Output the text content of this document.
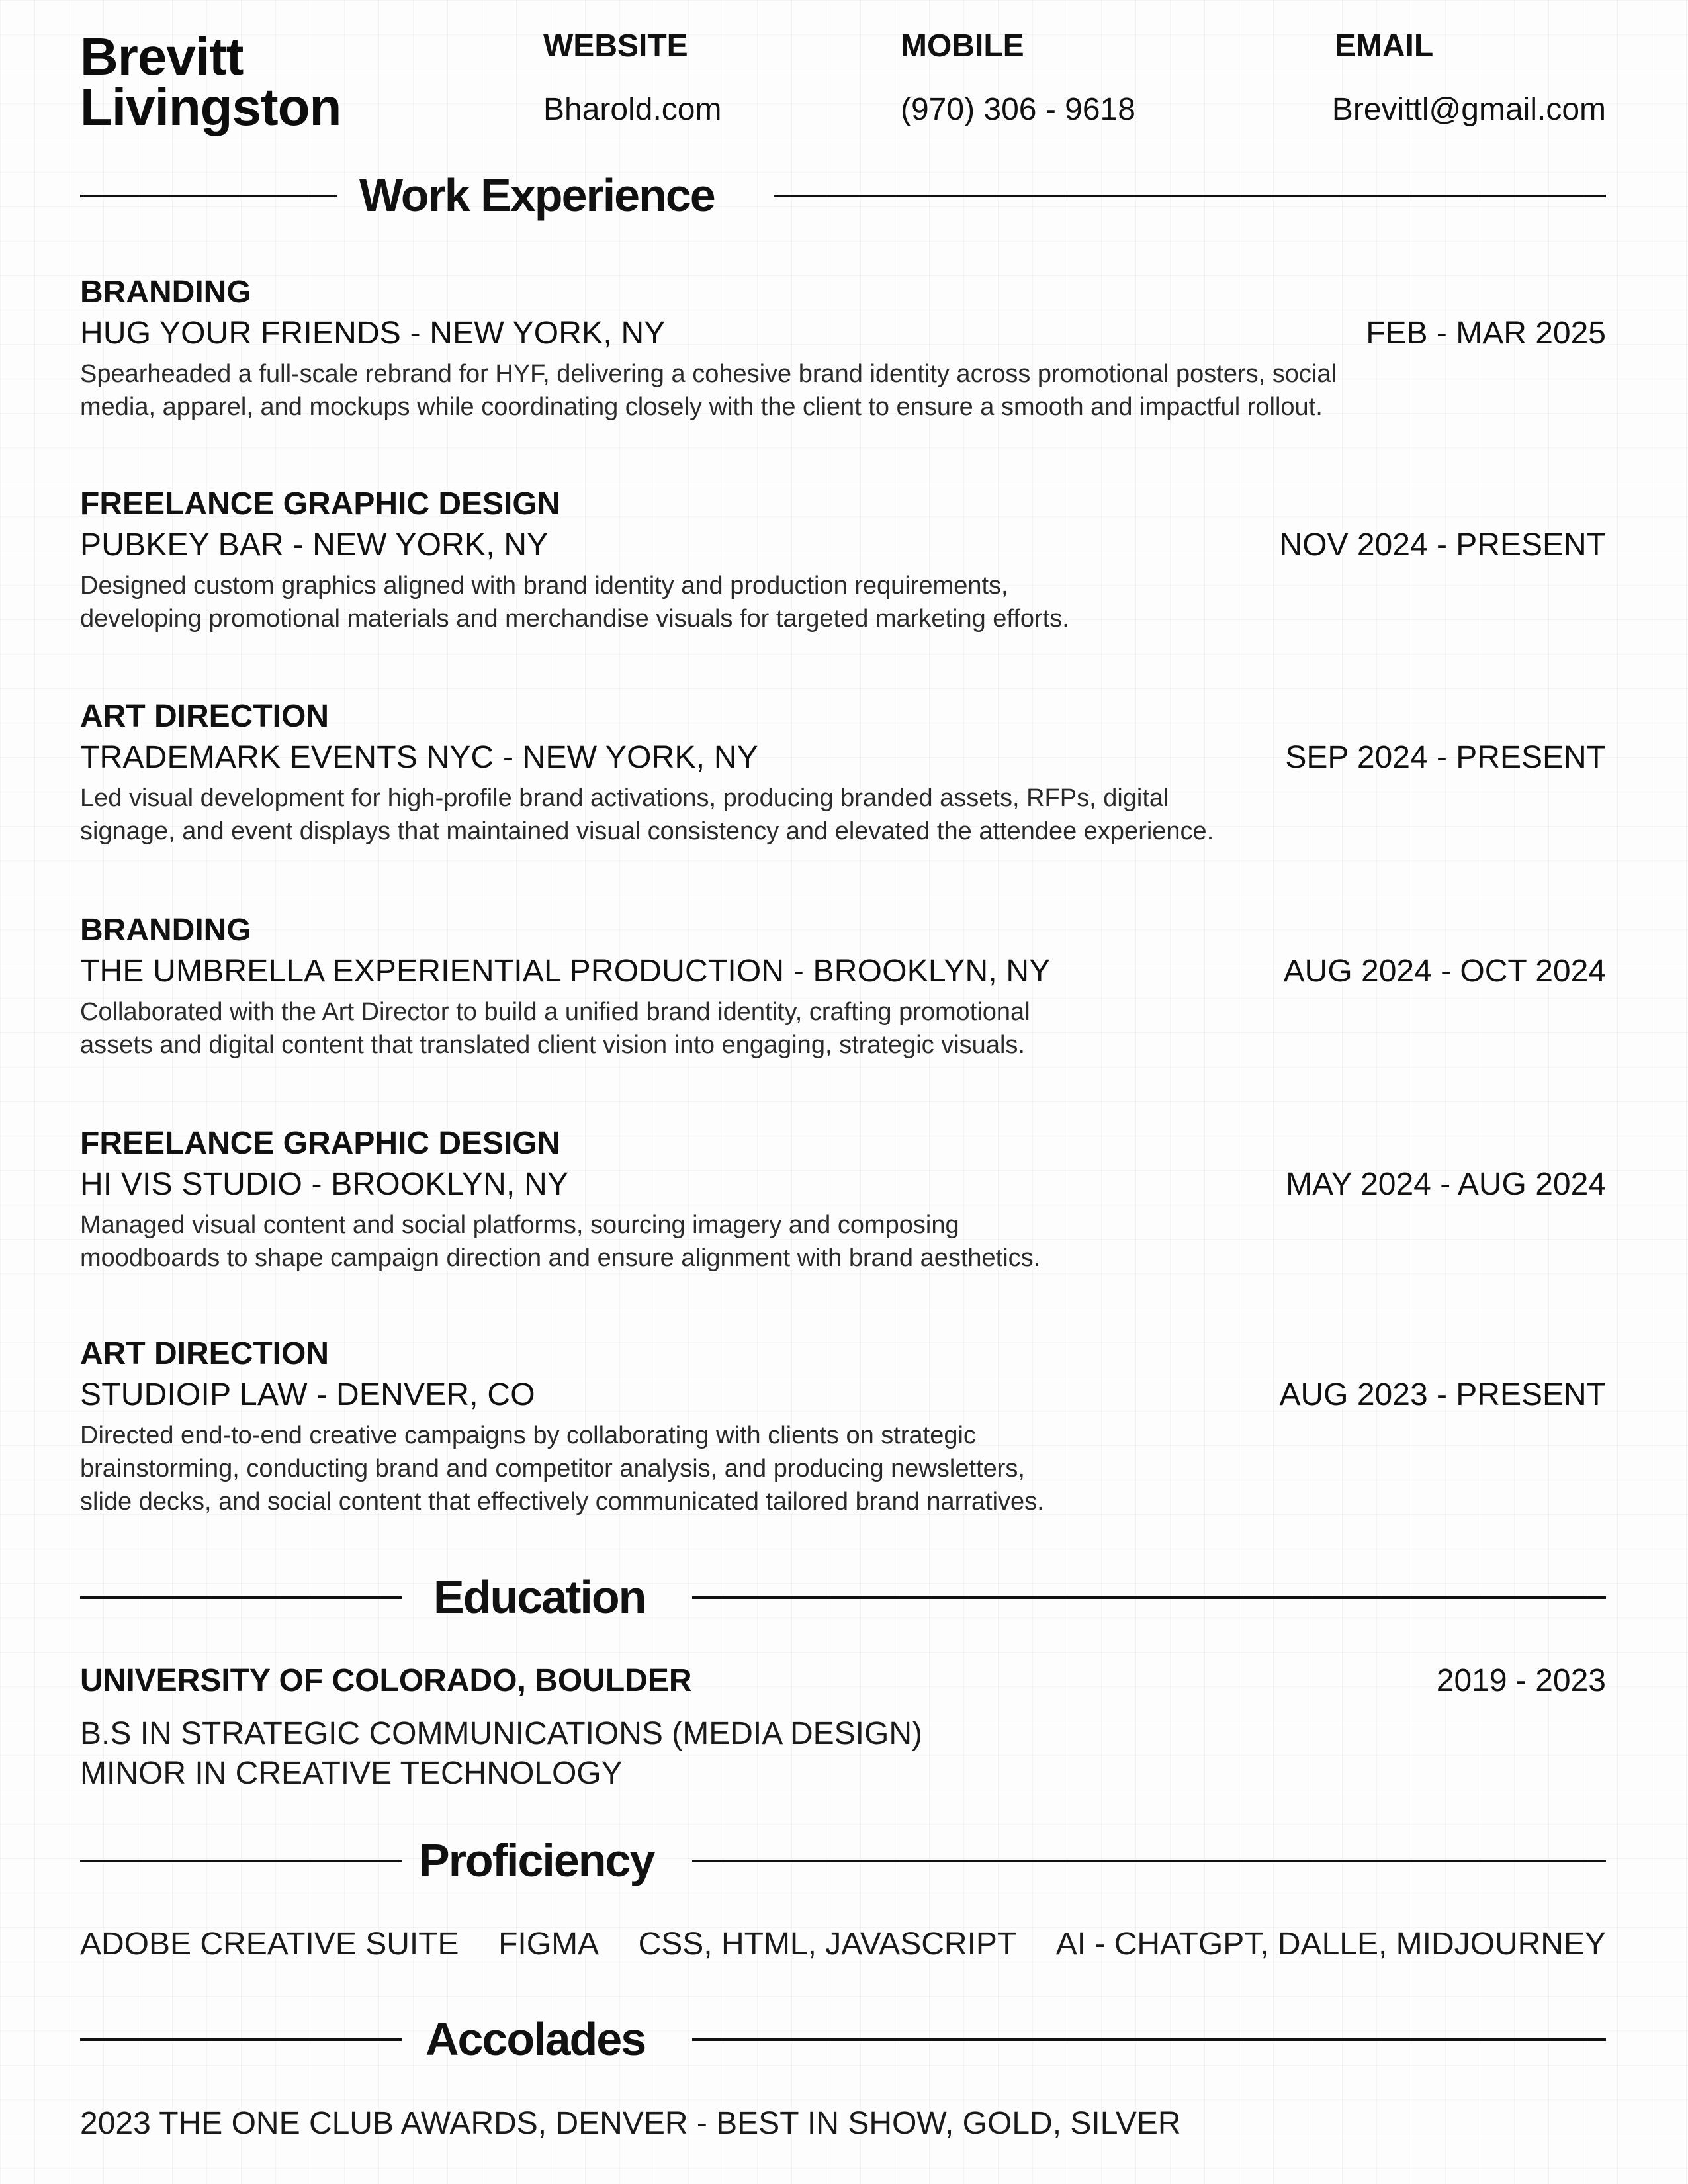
Brevitt
Livingston
WEBSITE
Bharold.com
MOBILE
(970) 306 - 9618
EMAIL
Brevittl@gmail.com
Work Experience
BRANDING
HUG YOUR FRIENDS - NEW YORK, NY	FEB - MAR 2025
Spearheaded a full-scale rebrand for HYF, delivering a cohesive brand identity across promotional posters, social
media, apparel, and mockups while coordinating closely with the client to ensure a smooth and impactful rollout.
FREELANCE GRAPHIC DESIGN
PUBKEY BAR - NEW YORK, NY	NOV 2024 - PRESENT
Designed custom graphics aligned with brand identity and production requirements,
developing promotional materials and merchandise visuals for targeted marketing efforts.
ART DIRECTION
TRADEMARK EVENTS NYC - NEW YORK, NY	SEP 2024 - PRESENT
Led visual development for high-profile brand activations, producing branded assets, RFPs, digital
signage, and event displays that maintained visual consistency and elevated the attendee experience.
BRANDING
THE UMBRELLA EXPERIENTIAL PRODUCTION - BROOKLYN, NY	AUG 2024 - OCT 2024
Collaborated with the Art Director to build a unified brand identity, crafting promotional
assets and digital content that translated client vision into engaging, strategic visuals.
FREELANCE GRAPHIC DESIGN
HI VIS STUDIO - BROOKLYN, NY	MAY 2024 - AUG 2024
Managed visual content and social platforms, sourcing imagery and composing
moodboards to shape campaign direction and ensure alignment with brand aesthetics.
ART DIRECTION
STUDIOIP LAW - DENVER, CO	AUG 2023 - PRESENT
Directed end-to-end creative campaigns by collaborating with clients on strategic
brainstorming, conducting brand and competitor analysis, and producing newsletters,
slide decks, and social content that effectively communicated tailored brand narratives.
Education
UNIVERSITY OF COLORADO, BOULDER	2019 - 2023
B.S IN STRATEGIC COMMUNICATIONS (MEDIA DESIGN)
MINOR IN CREATIVE TECHNOLOGY
Proficiency
ADOBE CREATIVE SUITE FIGMA CSS, HTML, JAVASCRIPT AI - CHATGPT, DALLE, MIDJOURNEY
Accolades
2023 THE ONE CLUB AWARDS, DENVER - BEST IN SHOW, GOLD, SILVER
